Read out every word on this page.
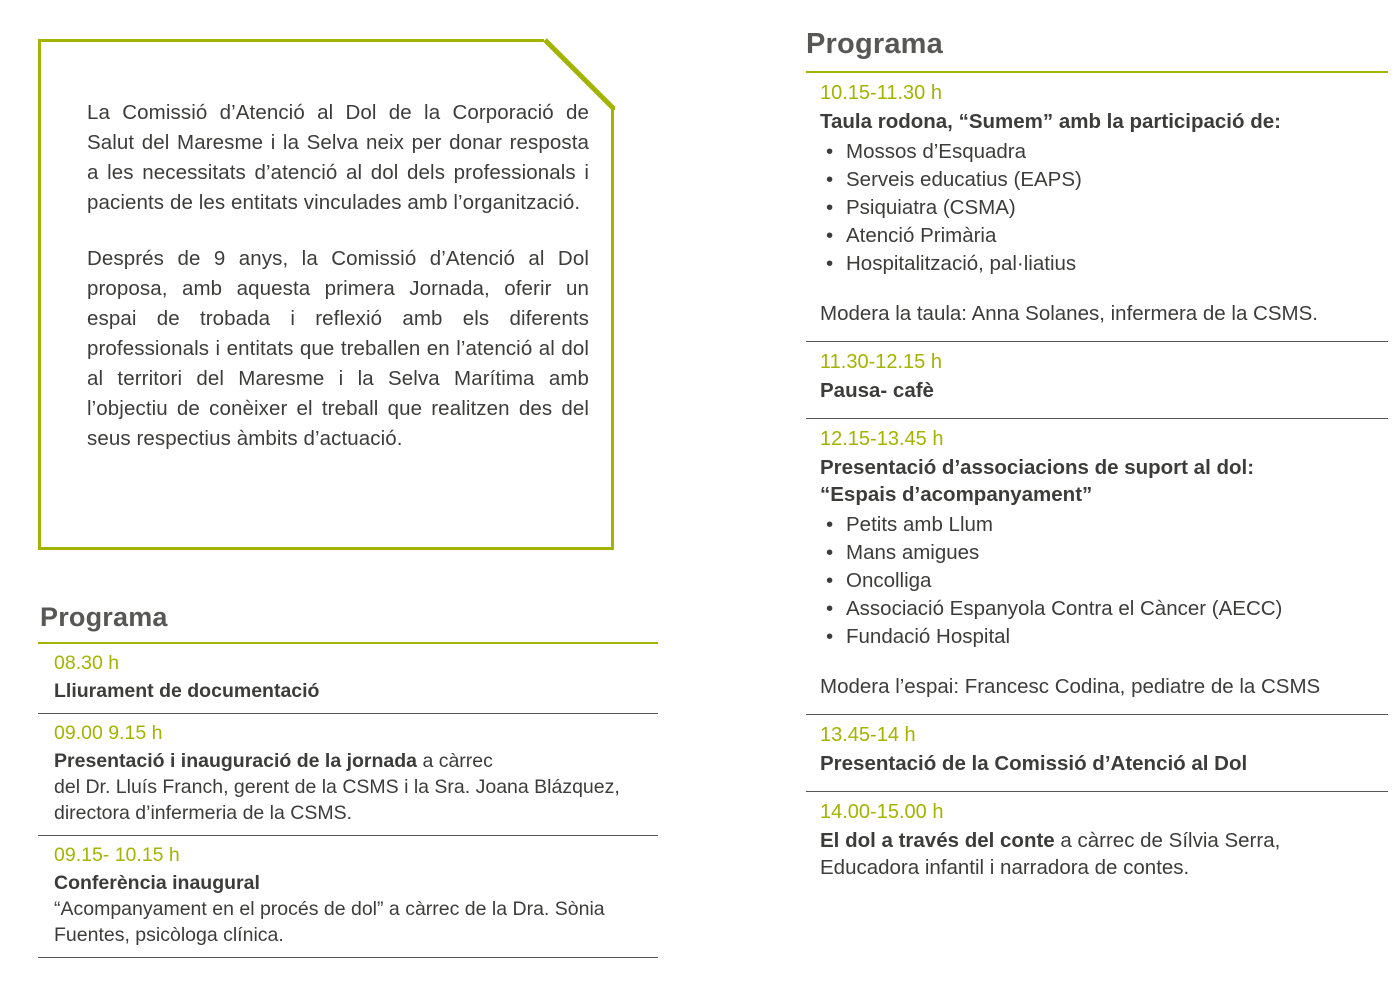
La Comissió d’Atenció al Dol de la Corporació de Salut del Maresme i la Selva neix per donar resposta a les necessitats d’atenció al dol dels professionals i pacients de les entitats vinculades amb l’organització.

Després de 9 anys, la Comissió d’Atenció al Dol proposa, amb aquesta primera Jornada, oferir un espai de trobada i reflexió amb els diferents professionals i entitats que treballen en l’atenció al dol al territori del Maresme i la Selva Marítima amb l’objectiu de conèixer el treball que realitzen des del seus respectius àmbits d’actuació.

Programa

08.30 h

Lliurament de documentació

09.00 9.15 h

Presentació i inauguració de la jornada a càrrec

del Dr. Lluís Franch, gerent de la CSMS i la Sra. Joana Blázquez, directora d’infermeria de la CSMS.

09.15- 10.15 h

Conferència inaugural

“Acompanyament en el procés de dol” a càrrec de la Dra. Sònia Fuentes, psicòloga clínica.

Programa

10.15-11.30 h

Taula rodona, “Sumem” amb la participació de:

• Mossos d’Esquadra
• Serveis educatius (EAPS)
• Psiquiatra (CSMA)
• Atenció Primària
• Hospitalització, pal·liatius

Modera la taula: Anna Solanes, infermera de la CSMS.

11.30-12.15 h

Pausa- cafè

12.15-13.45 h

Presentació d’associacions de suport al dol:

“Espais d’acompanyament”

• Petits amb Llum
• Mans amigues
• Oncolliga
• Associació Espanyola Contra el Càncer (AECC)
• Fundació Hospital

Modera l’espai: Francesc Codina, pediatre de la CSMS

13.45-14 h

Presentació de la Comissió d’Atenció al Dol

14.00-15.00 h

El dol a través del conte a càrrec de Sílvia Serra,

Educadora infantil i narradora de contes.
